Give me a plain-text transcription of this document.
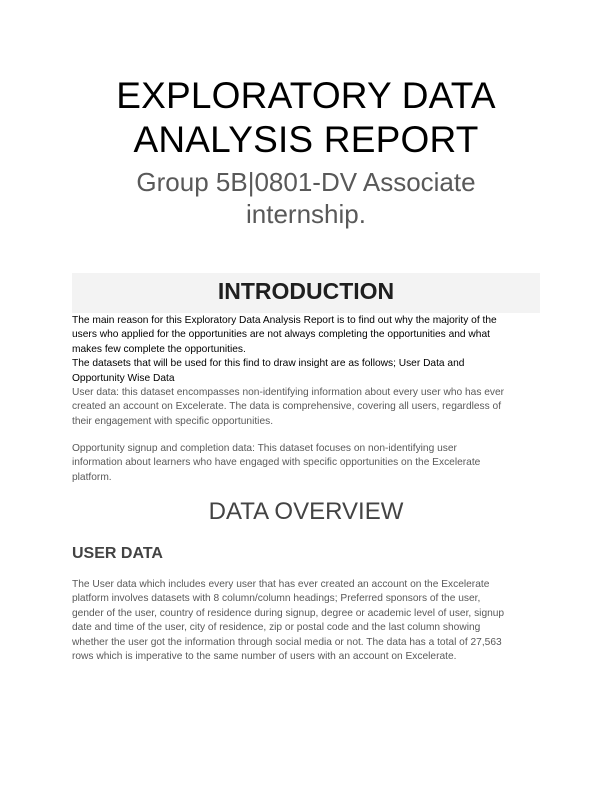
EXPLORATORY DATA
ANALYSIS REPORT
Group 5B|0801-DV Associate
internship.
INTRODUCTION
The main reason for this Exploratory Data Analysis Report is to find out why the majority of the
users who applied for the opportunities are not always completing the opportunities and what
makes few complete the opportunities.
The datasets that will be used for this find to draw insight are as follows; User Data and
Opportunity Wise Data
User data: this dataset encompasses non-identifying information about every user who has ever
created an account on Excelerate. The data is comprehensive, covering all users, regardless of
their engagement with specific opportunities.
Opportunity signup and completion data: This dataset focuses on non-identifying user
information about learners who have engaged with specific opportunities on the Excelerate
platform.
DATA OVERVIEW
USER DATA
The User data which includes every user that has ever created an account on the Excelerate
platform involves datasets with 8 column/column headings; Preferred sponsors of the user,
gender of the user, country of residence during signup, degree or academic level of user, signup
date and time of the user, city of residence, zip or postal code and the last column showing
whether the user got the information through social media or not. The data has a total of 27,563
rows which is imperative to the same number of users with an account on Excelerate.
